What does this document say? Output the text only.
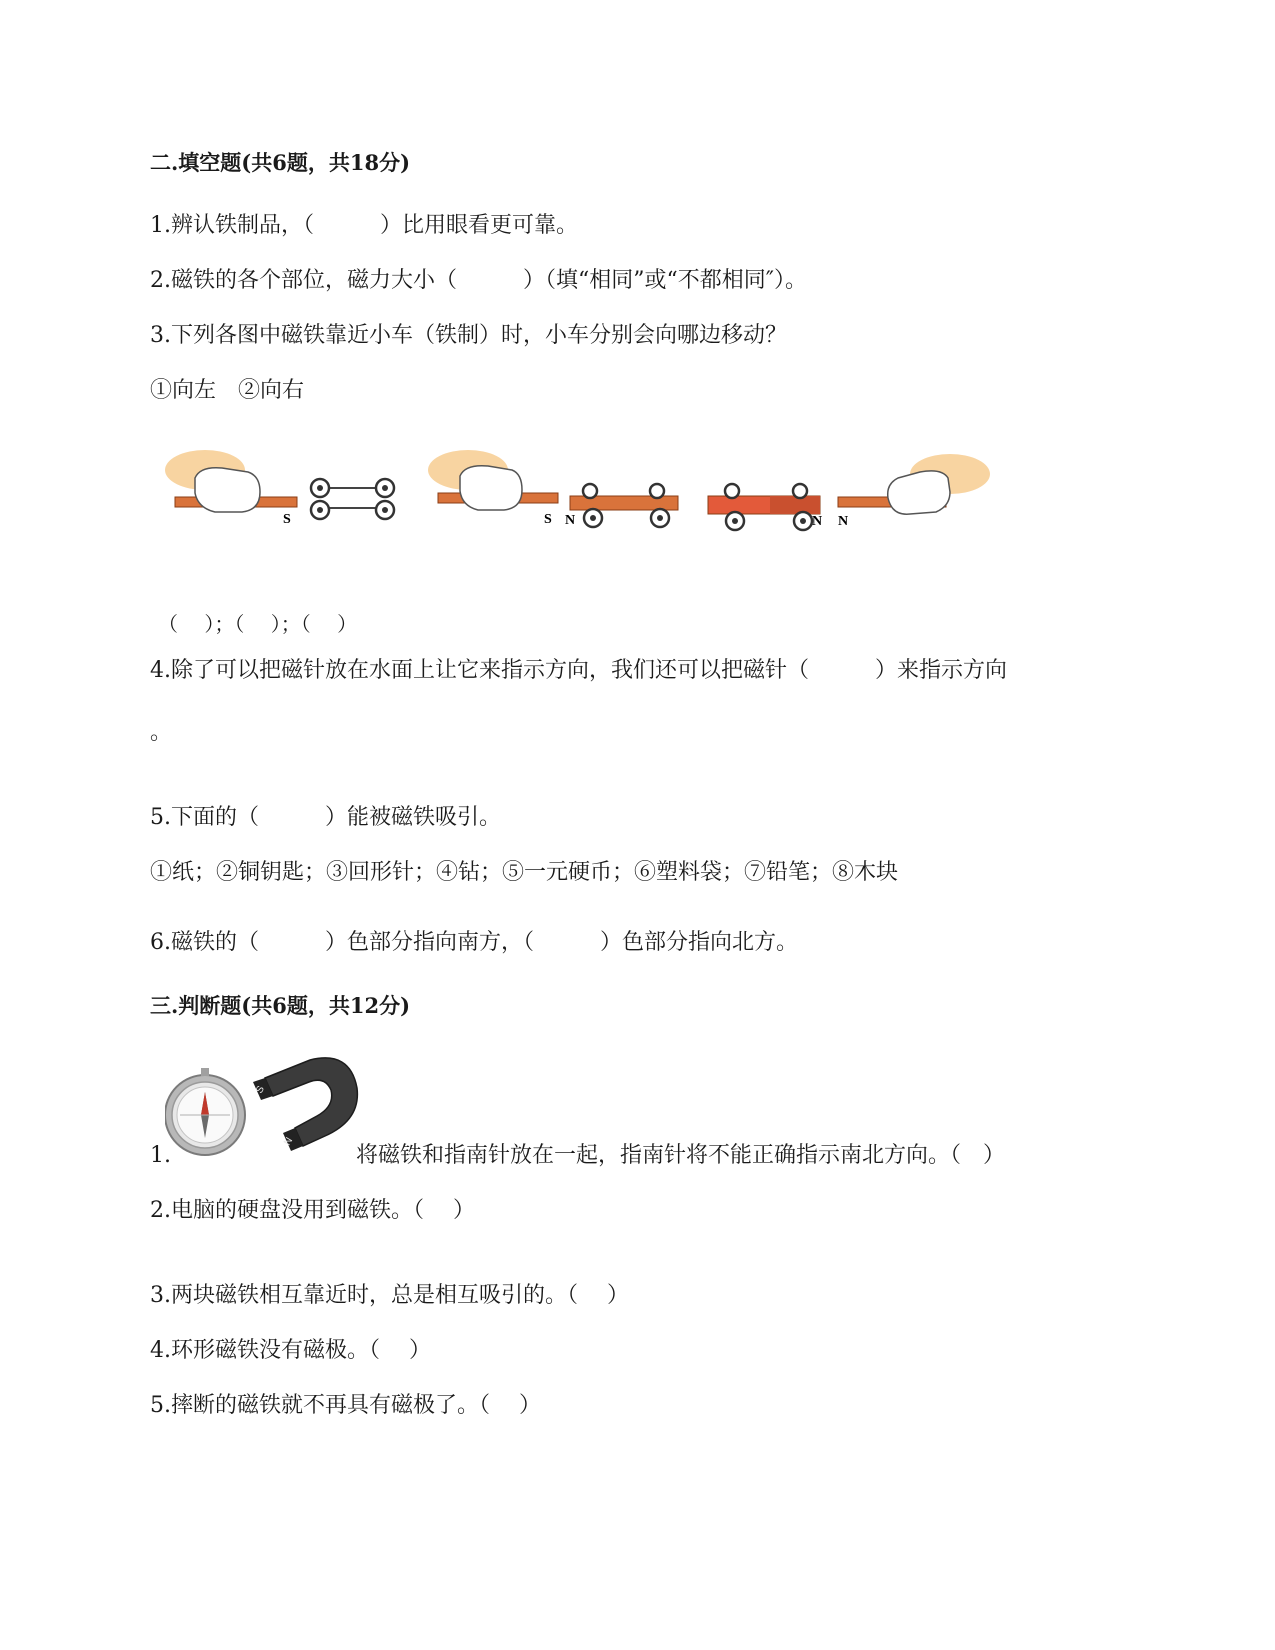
二.填空题(共6题，共18分)
1.辨认铁制品，（　　　）比用眼看更可靠。
2.磁铁的各个部位，磁力大小（　　　）（填“相同”或“不都相同″）。
3.下列各图中磁铁靠近小车（铁制）时，小车分别会向哪边移动？
①向左　②向右
S	S N	N N
（　 ）；（　 ）；（　 ）
4.除了可以把磁针放在水面上让它来指示方向，我们还可以把磁针（　　　）来指示方向
。
5.下面的（　　　）能被磁铁吸引。
①纸；②铜钥匙；③回形针；④钻；⑤一元硬币；⑥塑料袋；⑦铅笔；⑧木块
6.磁铁的（　　　）色部分指向南方，（　　　）色部分指向北方。
三.判断题(共6题，共12分)
S
N
1.	将磁铁和指南针放在一起，指南针将不能正确指示南北方向。（　）
2.电脑的硬盘没用到磁铁。（　 ）
3.两块磁铁相互靠近时，总是相互吸引的。（　 ）
4.环形磁铁没有磁极。（　 ）
5.摔断的磁铁就不再具有磁极了。（　 ）
